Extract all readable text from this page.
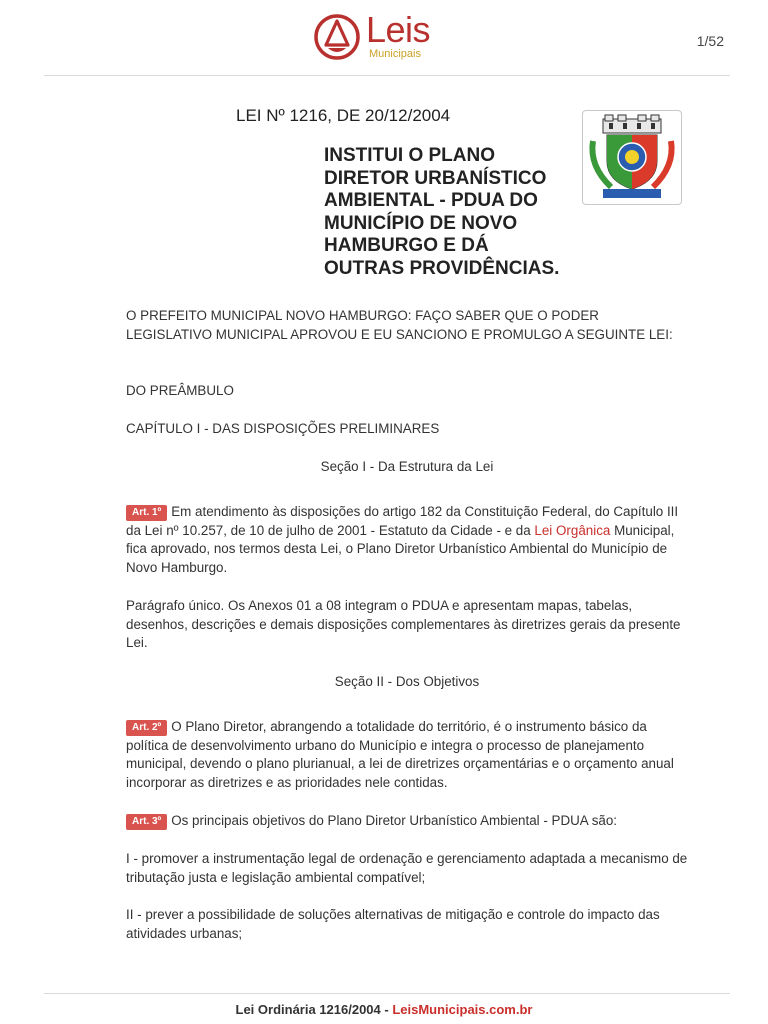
Leis
Municipais
1/52
LEI Nº 1216, DE 20/12/2004
INSTITUI O PLANO DIRETOR URBANÍSTICO AMBIENTAL - PDUA DO MUNICÍPIO DE NOVO HAMBURGO E DÁ OUTRAS PROVIDÊNCIAS.
O PREFEITO MUNICIPAL NOVO HAMBURGO: FAÇO SABER QUE O PODER LEGISLATIVO MUNICIPAL APROVOU E EU SANCIONO E PROMULGO A SEGUINTE LEI:
DO PREÂMBULO
CAPÍTULO I - DAS DISPOSIÇÕES PRELIMINARES
Seção I - Da Estrutura da Lei
Art. 1º Em atendimento às disposições do artigo 182 da Constituição Federal, do Capítulo III da Lei nº 10.257, de 10 de julho de 2001 - Estatuto da Cidade - e da Lei Orgânica Municipal, fica aprovado, nos termos desta Lei, o Plano Diretor Urbanístico Ambiental do Município de Novo Hamburgo.
Parágrafo único. Os Anexos 01 a 08 integram o PDUA e apresentam mapas, tabelas, desenhos, descrições e demais disposições complementares às diretrizes gerais da presente Lei.
Seção II - Dos Objetivos
Art. 2º O Plano Diretor, abrangendo a totalidade do território, é o instrumento básico da política de desenvolvimento urbano do Município e integra o processo de planejamento municipal, devendo o plano plurianual, a lei de diretrizes orçamentárias e o orçamento anual incorporar as diretrizes e as prioridades nele contidas.
Art. 3º Os principais objetivos do Plano Diretor Urbanístico Ambiental - PDUA são:
I - promover a instrumentação legal de ordenação e gerenciamento adaptada a mecanismo de tributação justa e legislação ambiental compatível;
II - prever a possibilidade de soluções alternativas de mitigação e controle do impacto das atividades urbanas;
Lei Ordinária 1216/2004 - LeisMunicipais.com.br
